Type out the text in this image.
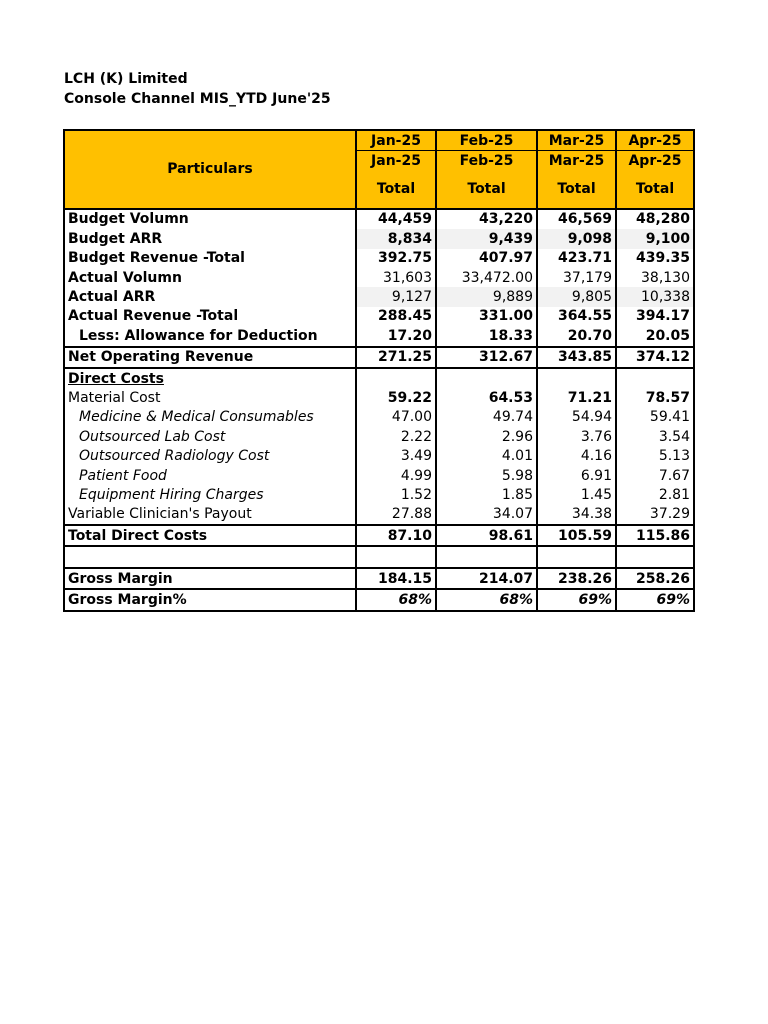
LCH (K) Limited
Console Channel MIS_YTD June'25
Particulars	Jan-25	Feb-25	Mar-25	Apr-25
	Jan-25	Feb-25	Mar-25	Apr-25
	Total	Total	Total	Total
Budget Volumn	44,459	43,220	46,569	48,280
Budget ARR	8,834	9,439	9,098	9,100
Budget Revenue -Total	392.75	407.97	423.71	439.35
Actual Volumn	31,603	33,472.00	37,179	38,130
Actual ARR	9,127	9,889	9,805	10,338
Actual Revenue -Total	288.45	331.00	364.55	394.17
Less: Allowance for Deduction	17.20	18.33	20.70	20.05
Net Operating Revenue	271.25	312.67	343.85	374.12
Direct Costs				
Material Cost	59.22	64.53	71.21	78.57
Medicine & Medical Consumables	47.00	49.74	54.94	59.41
Outsourced Lab Cost	2.22	2.96	3.76	3.54
Outsourced Radiology Cost	3.49	4.01	4.16	5.13
Patient Food	4.99	5.98	6.91	7.67
Equipment Hiring Charges	1.52	1.85	1.45	2.81
Variable Clinician's Payout	27.88	34.07	34.38	37.29
Total Direct Costs	87.10	98.61	105.59	115.86

Gross Margin	184.15	214.07	238.26	258.26
Gross Margin%	68%	68%	69%	69%
